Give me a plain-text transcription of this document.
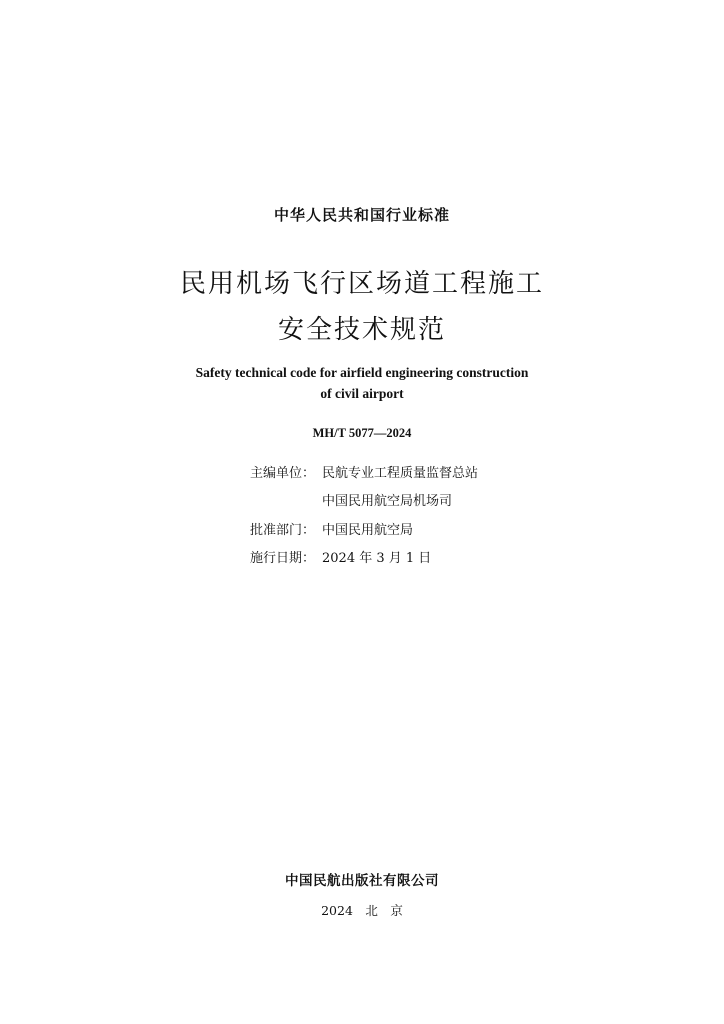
中华人民共和国行业标准
民用机场飞行区场道工程施工
安全技术规范
Safety technical code for airfield engineering construction
of civil airport
MH/T 5077—2024
主编单位： 民航专业工程质量监督总站
中国民用航空局机场司
批准部门： 中国民用航空局
施行日期： 2024 年 3 月 1 日
中国民航出版社有限公司
2024　北　京
